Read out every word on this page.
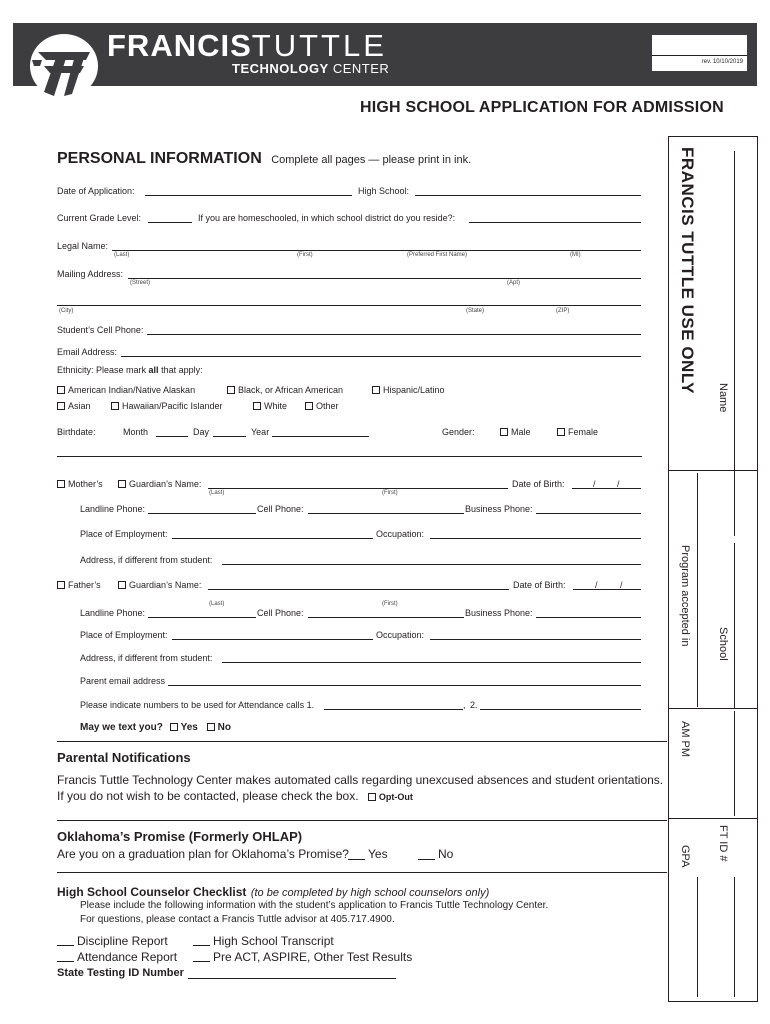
FRANCISTUTTLE
TECHNOLOGY CENTER	rev. 10/10/2019
HIGH SCHOOL APPLICATION FOR ADMISSION
PERSONAL INFORMATION Complete all pages — please print in ink.
Date of Application:	High School:
Current Grade Level:	If you are homeschooled, in which school district do you reside?:
Legal Name:
(Last)	(First)	(Preferred First Name)	(MI)
Mailing Address:
(Street)	(Apt)
(City)	(State)	(ZIP)
Student’s Cell Phone:
Email Address:
Ethnicity: Please mark all that apply:
American Indian/Native Alaskan	Black, or African American	Hispanic/Latino
Asian	Hawaiian/Pacific Islander	White	Other
Birthdate:	Month	Day	Year	Gender:	Male	Female
Mother’s	Guardian’s Name:
(Last)	(First)
Date of Birth:	/ /
Landline Phone:	Cell Phone:	Business Phone:
Place of Employment:	Occupation:
Address, if different from student:
Father’s	Guardian’s Name:	Date of Birth:	/ /
(Last)	(First)
Landline Phone:	Cell Phone:	Business Phone:
Place of Employment:	Occupation:
Address, if different from student:
Parent email address
Please indicate numbers to be used for Attendance calls 1.	, 2.
May we text you? Yes No
Parental Notifications
Francis Tuttle Technology Center makes automated calls regarding unexcused absences and student orientations.
If you do not wish to be contacted, please check the box. Opt-Out
Oklahoma’s Promise (Formerly OHLAP)
Are you on a graduation plan for Oklahoma’s Promise? Yes	No
High School Counselor Checklist (to be completed by high school counselors only)
Please include the following information with the student’s application to Francis Tuttle Technology Center.
For questions, please contact a Francis Tuttle advisor at 405.717.4900.
Discipline Report	High School Transcript
Attendance Report	Pre ACT, ASPIRE, Other Test Results
State Testing ID Number
FRANCIS TUTTLE USE ONLY
Name
Program accepted in School
AM PM
FT ID #
GPA
